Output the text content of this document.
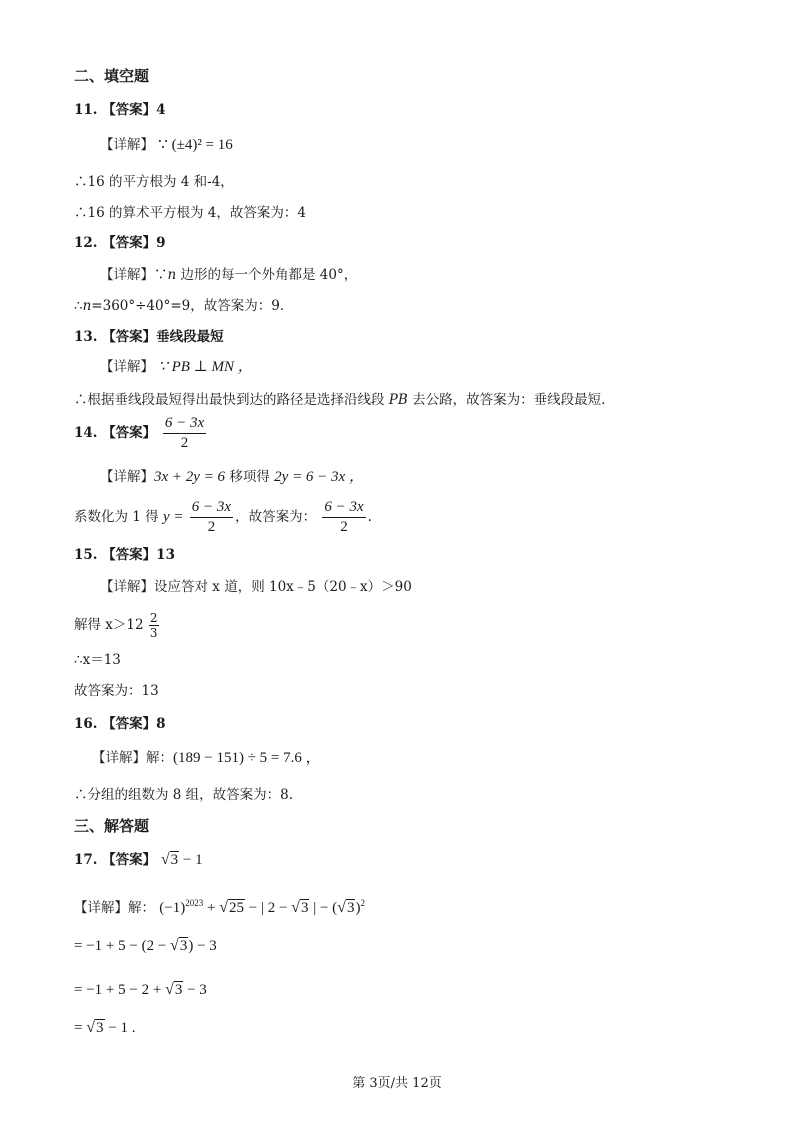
二、填空题
11. 【答案】4
【详解】 ∵ (±4)² = 16
∴16 的平方根为 4 和-4，
∴16 的算术平方根为 4，故答案为：4
12. 【答案】9
【详解】∵n 边形的每一个外角都是 40°，
∴n=360°÷40°=9，故答案为：9．
13. 【答案】垂线段最短
【详解】 ∵ PB ⊥ MN ，
∴根据垂线段最短得出最快到达的路径是选择沿线段 PB 去公路，故答案为：垂线段最短.
14. 【答案】 $\frac{6 - 3x}{2}$
【详解】3x + 2y = 6 移项得 2y = 6 − 3x ，
系数化为 1 得 $y = \frac{6 - 3x}{2}$ ，故答案为： $\frac{6 - 3x}{2}$ .
15. 【答案】13
【详解】设应答对 x 道，则 10x﹣5（20﹣x）＞90
解得 $x>12 \frac{2}{3}$
∴x＝13
故答案为：13
16. 【答案】8
【详解】解：(189 − 151) ÷ 5 = 7.6 ，
∴分组的组数为 8 组，故答案为：8.
三、解答题
17. 【答案】 √3 − 1
【详解】解： $(-1)^{2023} + √25$ − | 2 − √3 | − $(√3)^2$
= −1 + 5 − (2 − √3) − 3
= −1 + 5 − 2 + √3 − 3
= √3 − 1 .
第 3页/共 12页
